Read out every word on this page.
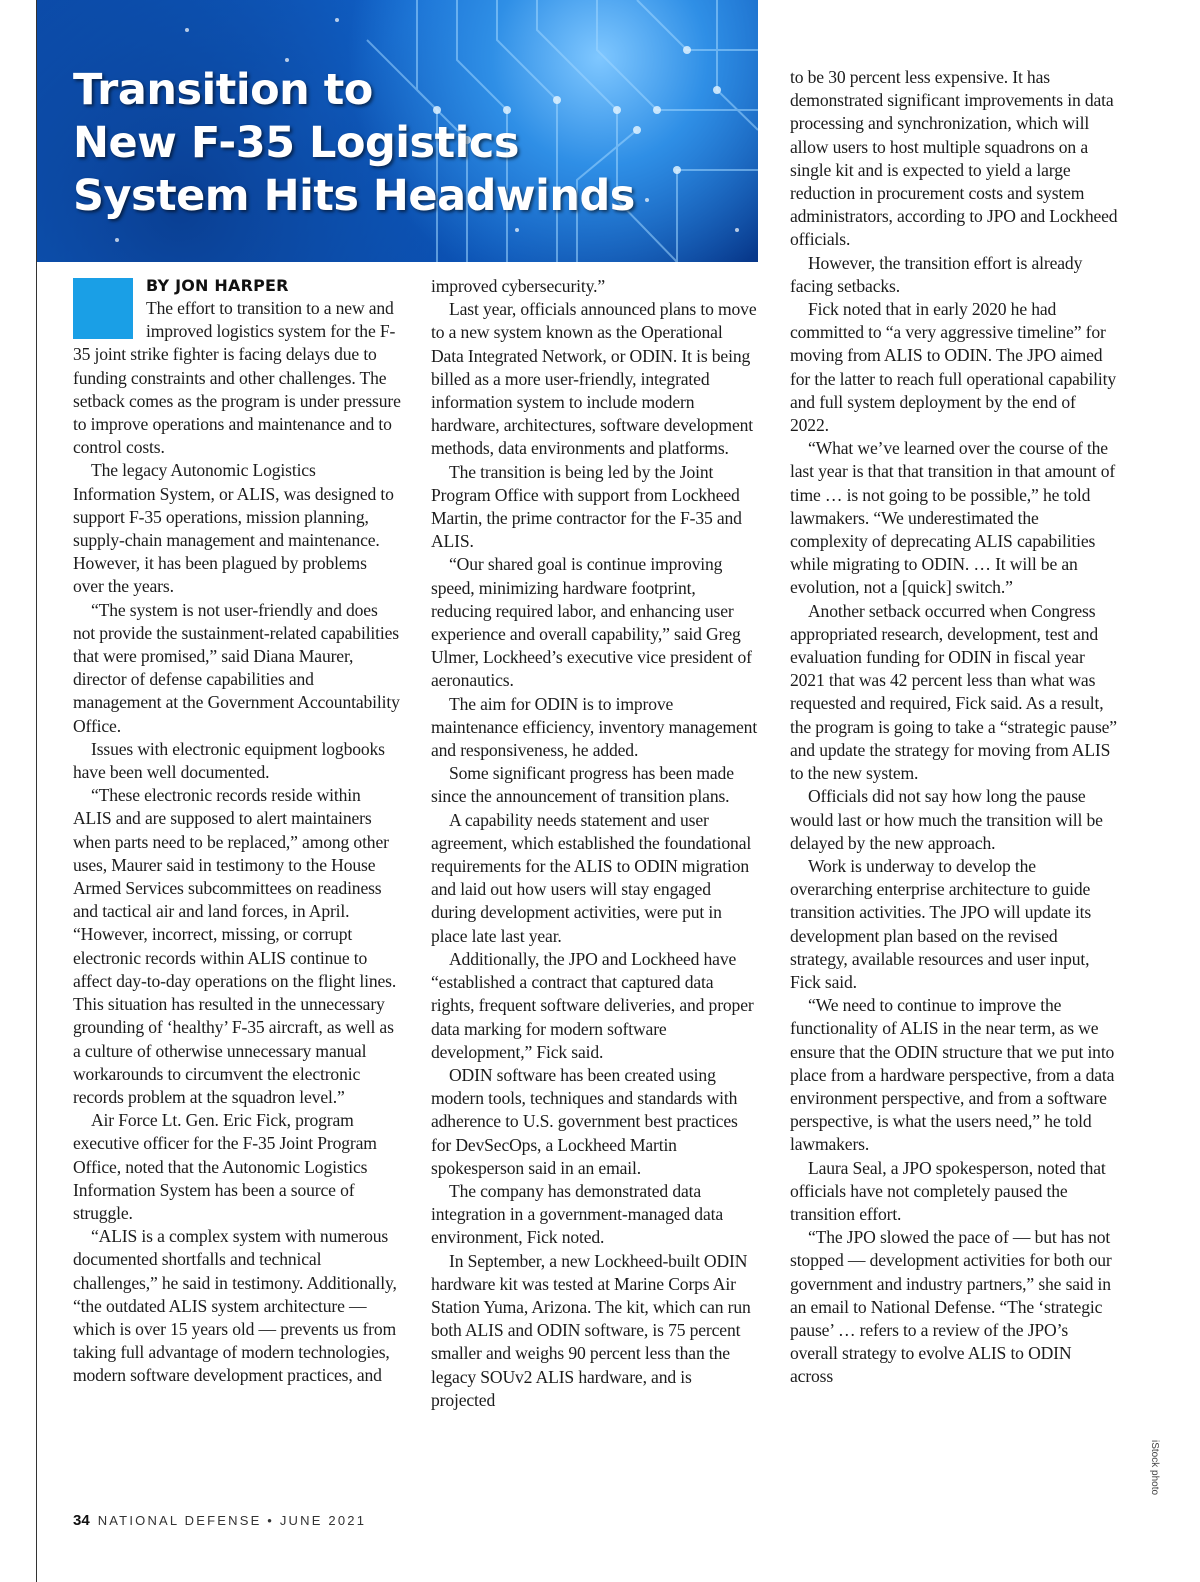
Transition to
New F-35 Logistics
System Hits Headwinds
BY JON HARPER

The effort to transition to a new and improved logistics system for the F-35 joint strike fighter is facing delays due to funding constraints and other challenges. The setback comes as the program is under pressure to improve operations and maintenance and to control costs.

The legacy Autonomic Logistics Information System, or ALIS, was designed to support F-35 operations, mission planning, supply-chain management and maintenance. However, it has been plagued by problems over the years.

“The system is not user-friendly and does not provide the sustainment-related capabilities that were promised,” said Diana Maurer, director of defense capabilities and management at the Government Accountability Office.

Issues with electronic equipment logbooks have been well documented.

“These electronic records reside within ALIS and are supposed to alert maintainers when parts need to be replaced,” among other uses, Maurer said in testimony to the House Armed Services subcommittees on readiness and tactical air and land forces, in April. “However, incorrect, missing, or corrupt electronic records within ALIS continue to affect day-to-day operations on the flight lines. This situation has resulted in the unnecessary grounding of ‘healthy’ F-35 aircraft, as well as a culture of otherwise unnecessary manual workarounds to circumvent the electronic records problem at the squadron level.”

Air Force Lt. Gen. Eric Fick, program executive officer for the F-35 Joint Program Office, noted that the Autonomic Logistics Information System has been a source of struggle.

“ALIS is a complex system with numerous documented shortfalls and technical challenges,” he said in testimony. Additionally, “the outdated ALIS system architecture — which is over 15 years old — prevents us from taking full advantage of modern technologies, modern software development practices, and

improved cybersecurity.”

Last year, officials announced plans to move to a new system known as the Operational Data Integrated Network, or ODIN. It is being billed as a more user-friendly, integrated information system to include modern hardware, architectures, software development methods, data environments and platforms.

The transition is being led by the Joint Program Office with support from Lockheed Martin, the prime contractor for the F-35 and ALIS.

“Our shared goal is continue improving speed, minimizing hardware footprint, reducing required labor, and enhancing user experience and overall capability,” said Greg Ulmer, Lockheed’s executive vice president of aeronautics.

The aim for ODIN is to improve maintenance efficiency, inventory management and responsiveness, he added.

Some significant progress has been made since the announcement of transition plans.

A capability needs statement and user agreement, which established the foundational requirements for the ALIS to ODIN migration and laid out how users will stay engaged during development activities, were put in place late last year.

Additionally, the JPO and Lockheed have “established a contract that captured data rights, frequent software deliveries, and proper data marking for modern software development,” Fick said.

ODIN software has been created using modern tools, techniques and standards with adherence to U.S. government best practices for DevSecOps, a Lockheed Martin spokesperson said in an email.

The company has demonstrated data integration in a government-managed data environment, Fick noted.

In September, a new Lockheed-built ODIN hardware kit was tested at Marine Corps Air Station Yuma, Arizona. The kit, which can run both ALIS and ODIN software, is 75 percent smaller and weighs 90 percent less than the legacy SOUv2 ALIS hardware, and is projected

to be 30 percent less expensive. It has demonstrated significant improvements in data processing and synchronization, which will allow users to host multiple squadrons on a single kit and is expected to yield a large reduction in procurement costs and system administrators, according to JPO and Lockheed officials.

However, the transition effort is already facing setbacks.

Fick noted that in early 2020 he had committed to “a very aggressive timeline” for moving from ALIS to ODIN. The JPO aimed for the latter to reach full operational capability and full system deployment by the end of 2022.

“What we’ve learned over the course of the last year is that that transition in that amount of time … is not going to be possible,” he told lawmakers. “We underestimated the complexity of deprecating ALIS capabilities while migrating to ODIN. … It will be an evolution, not a [quick] switch.”

Another setback occurred when Congress appropriated research, development, test and evaluation funding for ODIN in fiscal year 2021 that was 42 percent less than what was requested and required, Fick said. As a result, the program is going to take a “strategic pause” and update the strategy for moving from ALIS to the new system.

Officials did not say how long the pause would last or how much the transition will be delayed by the new approach.

Work is underway to develop the overarching enterprise architecture to guide transition activities. The JPO will update its development plan based on the revised strategy, available resources and user input, Fick said.

“We need to continue to improve the functionality of ALIS in the near term, as we ensure that the ODIN structure that we put into place from a hardware perspective, from a data environment perspective, and from a software perspective, is what the users need,” he told lawmakers.

Laura Seal, a JPO spokesperson, noted that officials have not completely paused the transition effort.

“The JPO slowed the pace of — but has not stopped — development activities for both our government and industry partners,” she said in an email to National Defense. “The ‘strategic pause’ … refers to a review of the JPO’s overall strategy to evolve ALIS to ODIN across

iStock photo
34 NATIONAL DEFENSE • JUNE 2021
